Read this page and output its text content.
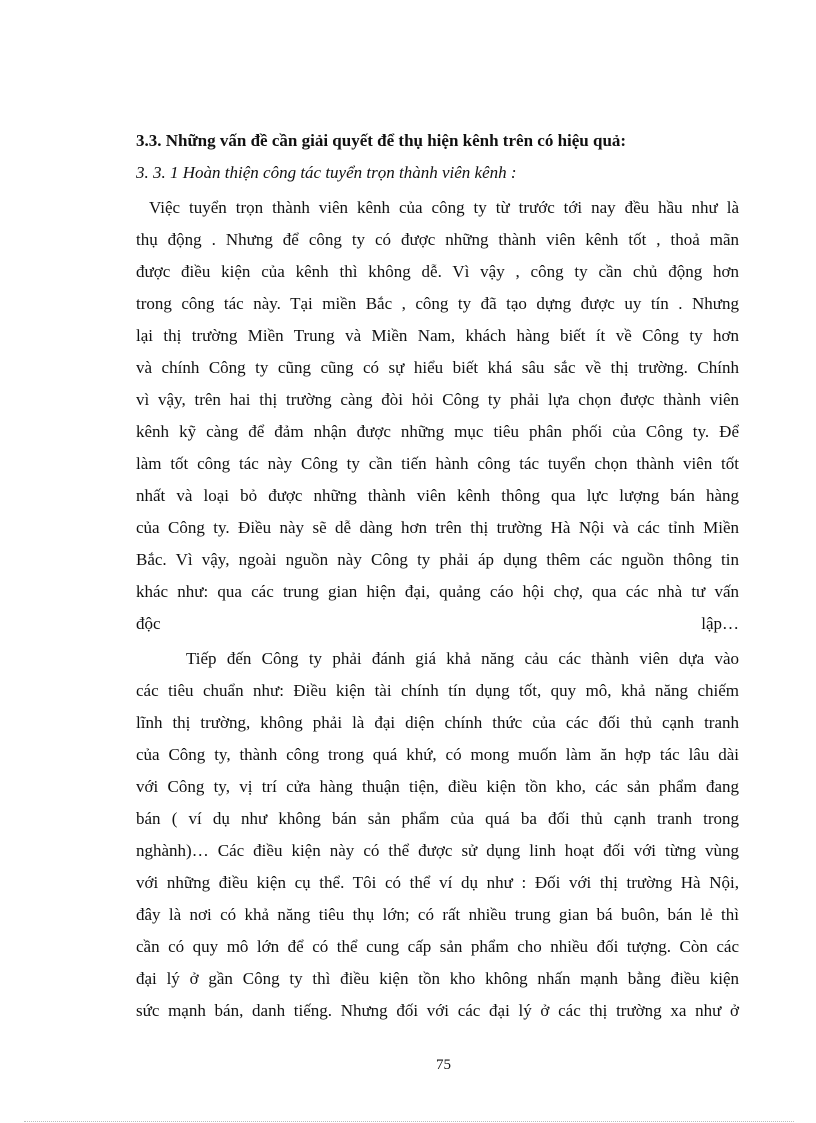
3.3. Những vấn đề cần giải quyết để thụ hiện kênh trên có hiệu quả:
3. 3. 1 Hoàn thiện công tác tuyển trọn thành viên kênh :
Việc tuyển trọn thành viên kênh của công ty từ trước tới nay đều hầu như là
thụ động . Nhưng để công ty có được những thành viên kênh tốt , thoả mãn
được điều kiện của kênh thì không dễ. Vì vậy , công ty cần chủ động hơn
trong công tác này. Tại miền Bắc , công ty đã tạo dựng được uy tín . Nhưng
lại thị trường Miền Trung và Miền Nam, khách hàng biết ít về Công ty hơn
và chính Công ty cũng cũng có sự hiểu biết khá sâu sắc về thị trường. Chính
vì vậy, trên hai thị trường càng đòi hỏi Công ty phải lựa chọn được thành viên
kênh kỹ càng để đảm nhận được những mục tiêu phân phối của Công ty. Để
làm tốt công tác này Công ty cần tiến hành công tác tuyển chọn thành viên tốt
nhất và loại bỏ được những thành viên kênh thông qua lực lượng bán hàng
của Công ty. Điều này sẽ dễ dàng hơn trên thị trường Hà Nội và các tỉnh Miền
Bắc. Vì vậy, ngoài nguồn này Công ty phải áp dụng thêm các nguồn thông tin
khác như: qua các trung gian hiện đại, quảng cáo hội chợ, qua các nhà tư vấn
độc lập…
Tiếp đến Công ty phải đánh giá khả năng cảu các thành viên dựa vào
các tiêu chuẩn như: Điều kiện tài chính tín dụng tốt, quy mô, khả năng chiếm
lĩnh thị trường, không phải là đại diện chính thức của các đối thủ cạnh tranh
của Công ty, thành công trong quá khứ, có mong muốn làm ăn hợp tác lâu dài
với Công ty, vị trí cửa hàng thuận tiện, điều kiện tồn kho, các sản phẩm đang
bán ( ví dụ như không bán sản phẩm của quá ba đối thủ cạnh tranh trong
nghành)… Các điều kiện này có thể được sử dụng linh hoạt đối với từng vùng
với những điều kiện cụ thể. Tôi có thể ví dụ như : Đối với thị trường Hà Nội,
đây là nơi có khả năng tiêu thụ lớn; có rất nhiều trung gian bá buôn, bán lẻ thì
cần có quy mô lớn để có thể cung cấp sản phẩm cho nhiều đối tượng. Còn các
đại lý ở gần Công ty thì điều kiện tồn kho không nhấn mạnh bằng điều kiện
sức mạnh bán, danh tiếng. Nhưng đối với các đại lý ở các thị trường xa như ở
75
